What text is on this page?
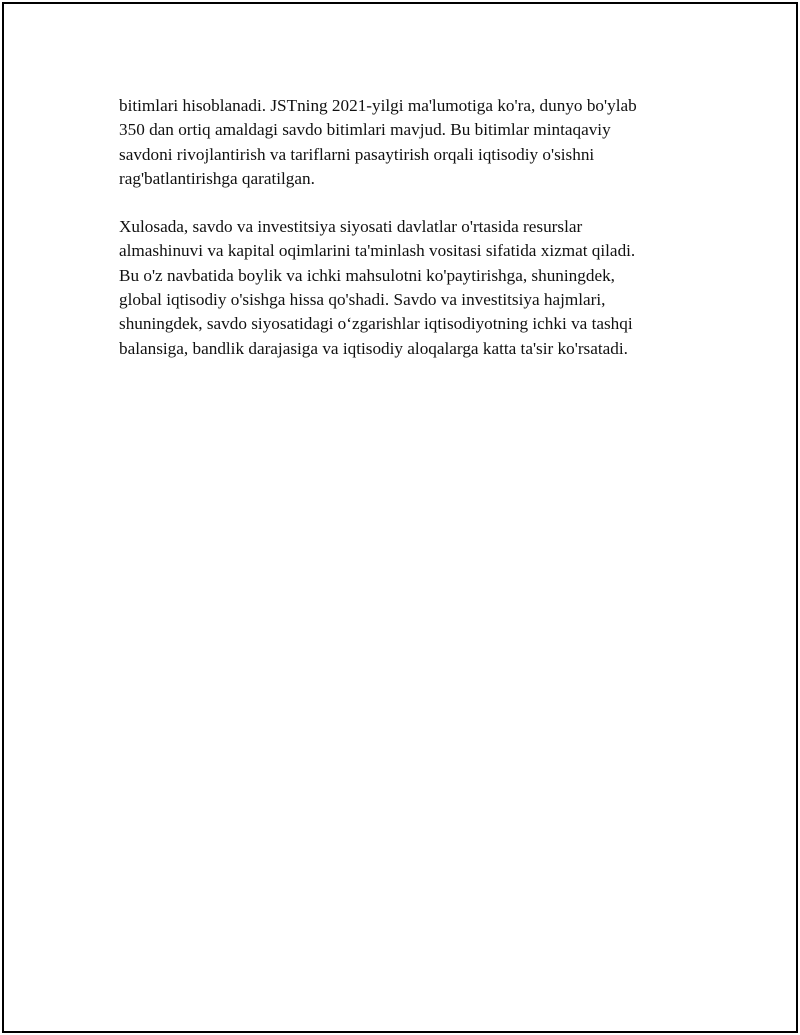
bitimlari hisoblanadi. JSTning 2021-yilgi ma'lumotiga ko'ra, dunyo bo'ylab
350 dan ortiq amaldagi savdo bitimlari mavjud. Bu bitimlar mintaqaviy
savdoni rivojlantirish va tariflarni pasaytirish orqali iqtisodiy o'sishni
rag'batlantirishga qaratilgan.

Xulosada, savdo va investitsiya siyosati davlatlar o'rtasida resurslar
almashinuvi va kapital oqimlarini ta'minlash vositasi sifatida xizmat qiladi.
Bu o'z navbatida boylik va ichki mahsulotni ko'paytirishga, shuningdek,
global iqtisodiy o'sishga hissa qo'shadi. Savdo va investitsiya hajmlari,
shuningdek, savdo siyosatidagi o‘zgarishlar iqtisodiyotning ichki va tashqi
balansiga, bandlik darajasiga va iqtisodiy aloqalarga katta ta'sir ko'rsatadi.
